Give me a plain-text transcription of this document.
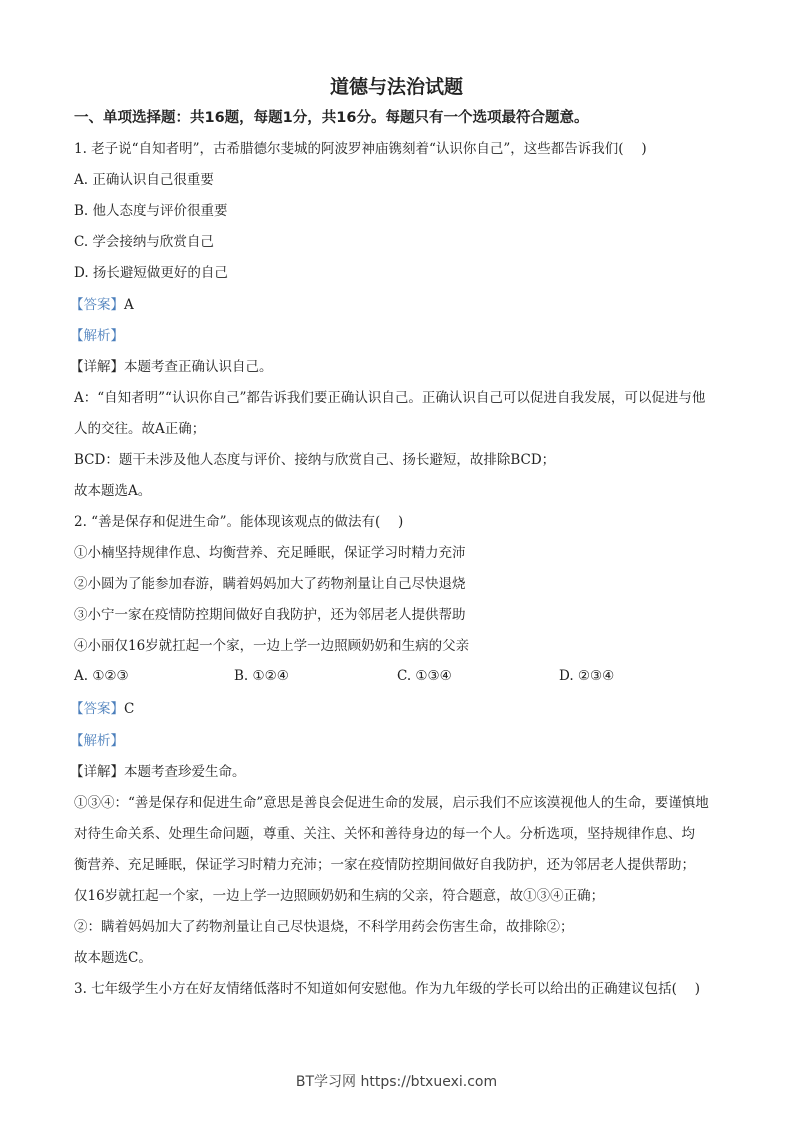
道德与法治试题
一、单项选择题：共16题，每题1分，共16分。每题只有一个选项最符合题意。
1. 老子说“自知者明”，古希腊德尔斐城的阿波罗神庙镌刻着“认识你自己”，这些都告诉我们(　 )
A. 正确认识自己很重要
B. 他人态度与评价很重要
C. 学会接纳与欣赏自己
D. 扬长避短做更好的自己
【答案】A
【解析】
【详解】本题考查正确认识自己。
A：“自知者明”“认识你自己”都告诉我们要正确认识自己。正确认识自己可以促进自我发展，可以促进与他
人的交往。故A正确；
BCD：题干未涉及他人态度与评价、接纳与欣赏自己、扬长避短，故排除BCD；
故本题选A。
2. “善是保存和促进生命”。能体现该观点的做法有(　 )
①小楠坚持规律作息、均衡营养、充足睡眠，保证学习时精力充沛
②小圆为了能参加春游，瞒着妈妈加大了药物剂量让自己尽快退烧
③小宁一家在疫情防控期间做好自我防护，还为邻居老人提供帮助
④小丽仅16岁就扛起一个家，一边上学一边照顾奶奶和生病的父亲
A. ①②③	B. ①②④	C. ①③④	D. ②③④
【答案】C
【解析】
【详解】本题考查珍爱生命。
①③④：“善是保存和促进生命”意思是善良会促进生命的发展，启示我们不应该漠视他人的生命，要谨慎地
对待生命关系、处理生命问题，尊重、关注、关怀和善待身边的每一个人。分析选项，坚持规律作息、均
衡营养、充足睡眠，保证学习时精力充沛；一家在疫情防控期间做好自我防护，还为邻居老人提供帮助；
仅16岁就扛起一个家，一边上学一边照顾奶奶和生病的父亲，符合题意，故①③④正确；
②：瞒着妈妈加大了药物剂量让自己尽快退烧，不科学用药会伤害生命，故排除②；
故本题选C。
3. 七年级学生小方在好友情绪低落时不知道如何安慰他。作为九年级的学长可以给出的正确建议包括(　 )
BT学习网 https://btxuexi.com
